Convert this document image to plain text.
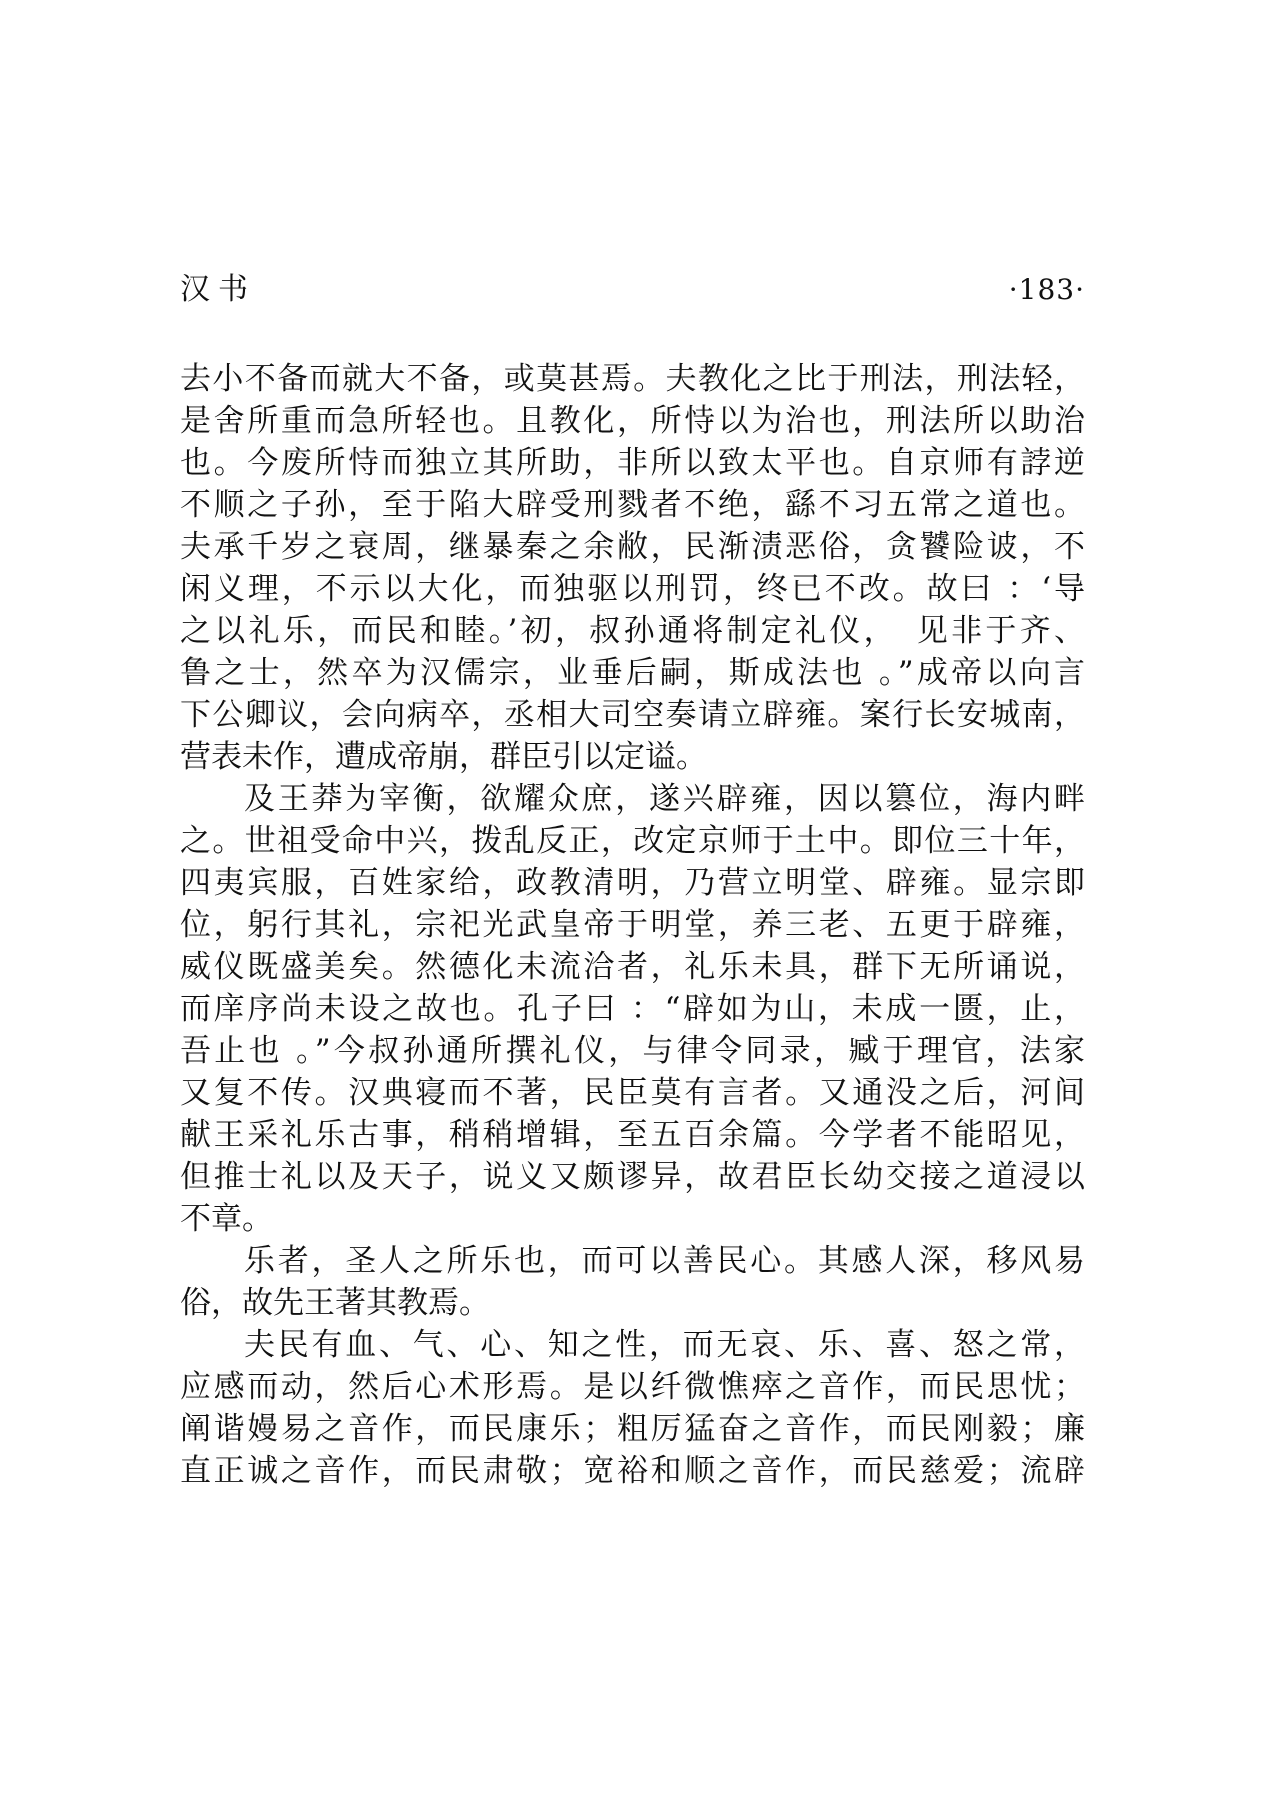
汉书	·183·
去小不备而就大不备，或莫甚焉。夫教化之比于刑法，刑法轻，
是舍所重而急所轻也。且教化，所恃以为治也，刑法所以助治
也。今废所恃而独立其所助，非所以致太平也。自京师有誖逆
不顺之子孙，至于陷大辟受刑戮者不绝，繇不习五常之道也。
夫承千岁之衰周，继暴秦之余敝，民渐渍恶俗，贪饕险诐，不
闲义理，不示以大化，而独驱以刑罚，终已不改。故曰 ：‘导
之以礼乐，而民和睦。’初，叔孙通将制定礼仪，　见非于齐、
鲁之士，然卒为汉儒宗，业垂后嗣，斯成法也 。”成帝以向言
下公卿议，会向病卒，丞相大司空奏请立辟雍。案行长安城南，
营表未作，遭成帝崩，群臣引以定谥。
及王莽为宰衡，欲耀众庶，遂兴辟雍，因以篡位，海内畔
之。世祖受命中兴，拨乱反正，改定京师于土中。即位三十年，
四夷宾服，百姓家给，政教清明，乃营立明堂、辟雍。显宗即
位，躬行其礼，宗祀光武皇帝于明堂，养三老、五更于辟雍，
威仪既盛美矣。然德化未流洽者，礼乐未具，群下无所诵说，
而庠序尚未设之故也。孔子曰 ：“辟如为山，未成一匮，止，
吾止也 。”今叔孙通所撰礼仪，与律令同录，臧于理官，法家
又复不传。汉典寝而不著，民臣莫有言者。又通没之后，河间
献王采礼乐古事，稍稍增辑，至五百余篇。今学者不能昭见，
但推士礼以及天子，说义又颇谬异，故君臣长幼交接之道浸以
不章。
乐者，圣人之所乐也，而可以善民心。其感人深，移风易
俗，故先王著其教焉。
夫民有血、气、心、知之性，而无哀、乐、喜、怒之常，
应感而动，然后心术形焉。是以纤微憔瘁之音作，而民思忧；
阐谐嫚易之音作，而民康乐；粗厉猛奋之音作，而民刚毅；廉
直正诚之音作，而民肃敬；宽裕和顺之音作，而民慈爱；流辟
